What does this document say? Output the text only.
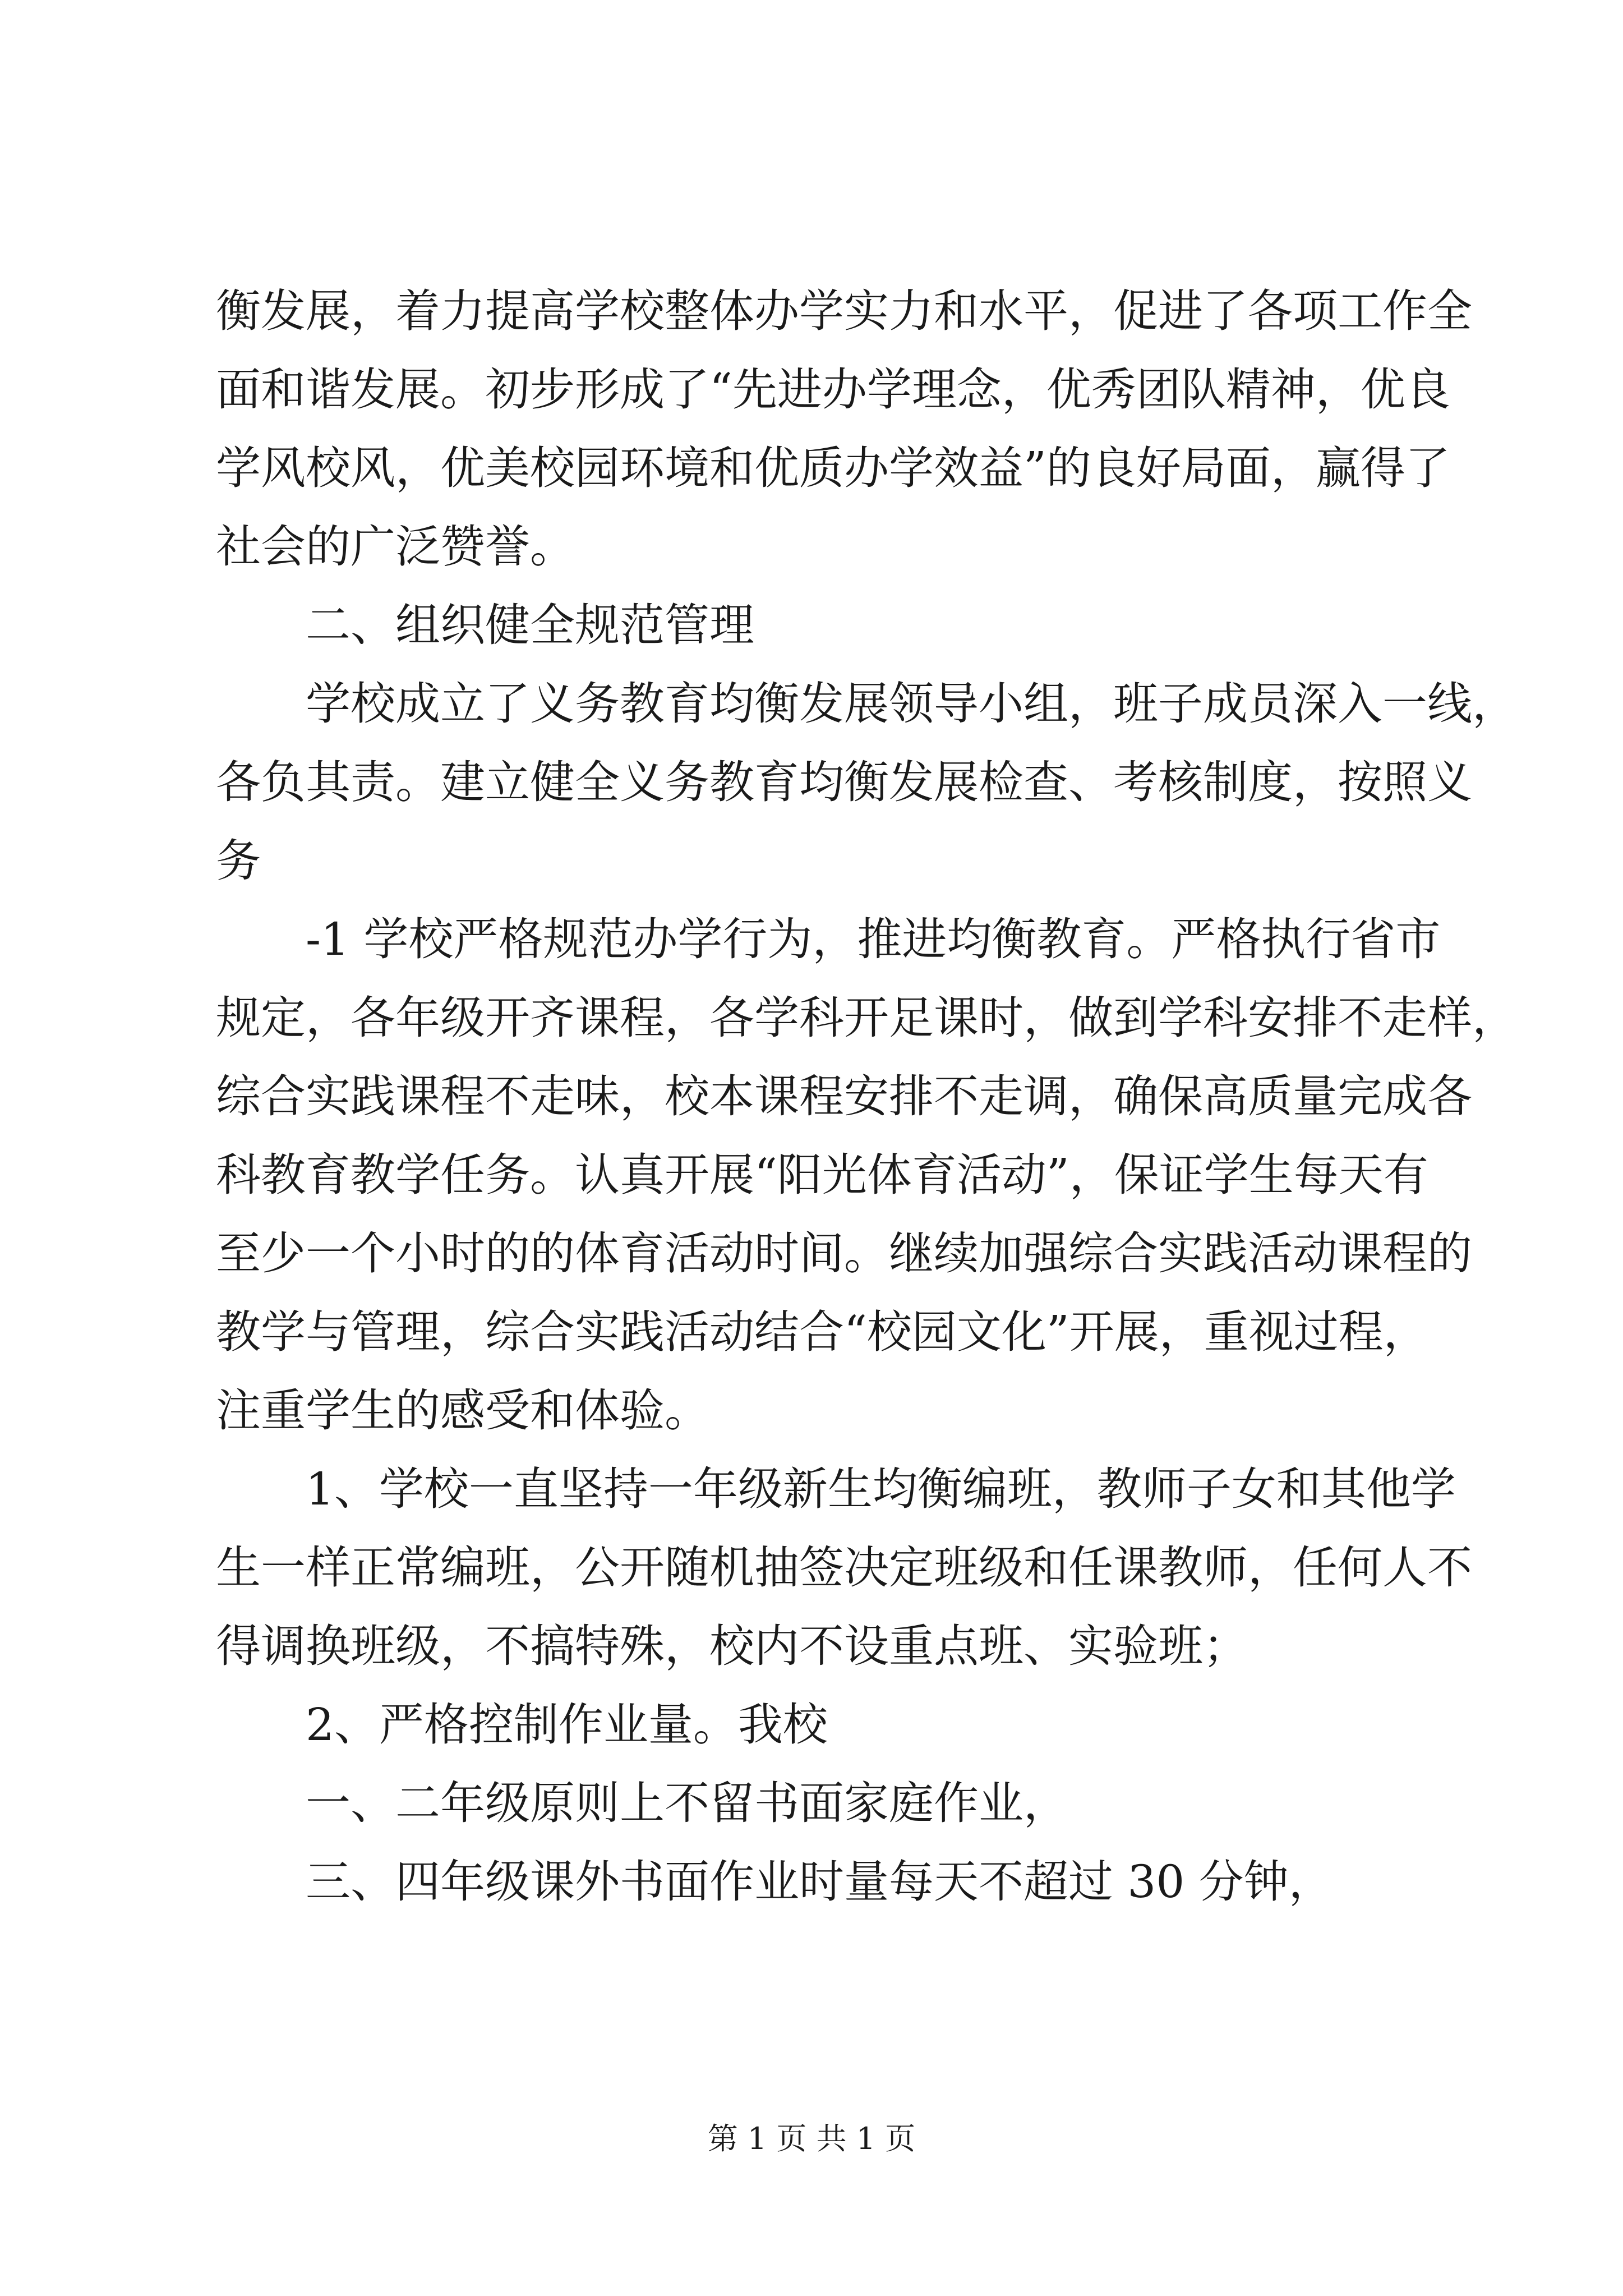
衡发展，着力提高学校整体办学实力和水平，促进了各项工作全
面和谐发展。初步形成了“先进办学理念，优秀团队精神，优良
学风校风，优美校园环境和优质办学效益”的良好局面，赢得了
社会的广泛赞誉。
二、组织健全规范管理
学校成立了义务教育均衡发展领导小组，班子成员深入一线，
各负其责。建立健全义务教育均衡发展检查、考核制度，按照义
务
-1 学校严格规范办学行为，推进均衡教育。严格执行省市
规定，各年级开齐课程，各学科开足课时，做到学科安排不走样，
综合实践课程不走味，校本课程安排不走调，确保高质量完成各
科教育教学任务。认真开展“阳光体育活动”，保证学生每天有
至少一个小时的的体育活动时间。继续加强综合实践活动课程的
教学与管理，综合实践活动结合“校园文化”开展，重视过程，
注重学生的感受和体验。
1、学校一直坚持一年级新生均衡编班，教师子女和其他学
生一样正常编班，公开随机抽签决定班级和任课教师，任何人不
得调换班级，不搞特殊，校内不设重点班、实验班；
2、严格控制作业量。我校
一、二年级原则上不留书面家庭作业，
三、四年级课外书面作业时量每天不超过 30 分钟，
第 1 页 共 1 页
